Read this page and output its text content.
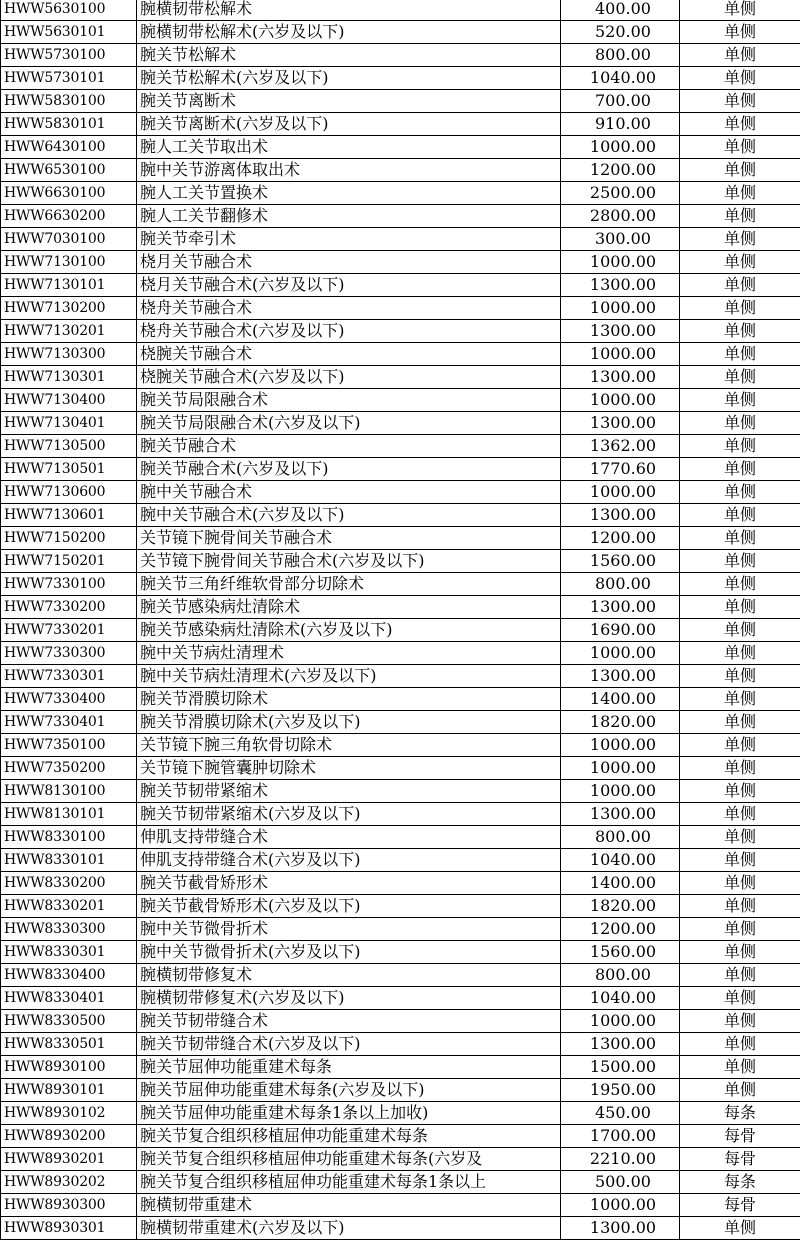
HWW5630100	腕横韧带松解术	400.00	单侧
HWW5630101	腕横韧带松解术(六岁及以下)	520.00	单侧
HWW5730100	腕关节松解术	800.00	单侧
HWW5730101	腕关节松解术(六岁及以下)	1040.00	单侧
HWW5830100	腕关节离断术	700.00	单侧
HWW5830101	腕关节离断术(六岁及以下)	910.00	单侧
HWW6430100	腕人工关节取出术	1000.00	单侧
HWW6530100	腕中关节游离体取出术	1200.00	单侧
HWW6630100	腕人工关节置换术	2500.00	单侧
HWW6630200	腕人工关节翻修术	2800.00	单侧
HWW7030100	腕关节牵引术	300.00	单侧
HWW7130100	桡月关节融合术	1000.00	单侧
HWW7130101	桡月关节融合术(六岁及以下)	1300.00	单侧
HWW7130200	桡舟关节融合术	1000.00	单侧
HWW7130201	桡舟关节融合术(六岁及以下)	1300.00	单侧
HWW7130300	桡腕关节融合术	1000.00	单侧
HWW7130301	桡腕关节融合术(六岁及以下)	1300.00	单侧
HWW7130400	腕关节局限融合术	1000.00	单侧
HWW7130401	腕关节局限融合术(六岁及以下)	1300.00	单侧
HWW7130500	腕关节融合术	1362.00	单侧
HWW7130501	腕关节融合术(六岁及以下)	1770.60	单侧
HWW7130600	腕中关节融合术	1000.00	单侧
HWW7130601	腕中关节融合术(六岁及以下)	1300.00	单侧
HWW7150200	关节镜下腕骨间关节融合术	1200.00	单侧
HWW7150201	关节镜下腕骨间关节融合术(六岁及以下)	1560.00	单侧
HWW7330100	腕关节三角纤维软骨部分切除术	800.00	单侧
HWW7330200	腕关节感染病灶清除术	1300.00	单侧
HWW7330201	腕关节感染病灶清除术(六岁及以下)	1690.00	单侧
HWW7330300	腕中关节病灶清理术	1000.00	单侧
HWW7330301	腕中关节病灶清理术(六岁及以下)	1300.00	单侧
HWW7330400	腕关节滑膜切除术	1400.00	单侧
HWW7330401	腕关节滑膜切除术(六岁及以下)	1820.00	单侧
HWW7350100	关节镜下腕三角软骨切除术	1000.00	单侧
HWW7350200	关节镜下腕管囊肿切除术	1000.00	单侧
HWW8130100	腕关节韧带紧缩术	1000.00	单侧
HWW8130101	腕关节韧带紧缩术(六岁及以下)	1300.00	单侧
HWW8330100	伸肌支持带缝合术	800.00	单侧
HWW8330101	伸肌支持带缝合术(六岁及以下)	1040.00	单侧
HWW8330200	腕关节截骨矫形术	1400.00	单侧
HWW8330201	腕关节截骨矫形术(六岁及以下)	1820.00	单侧
HWW8330300	腕中关节微骨折术	1200.00	单侧
HWW8330301	腕中关节微骨折术(六岁及以下)	1560.00	单侧
HWW8330400	腕横韧带修复术	800.00	单侧
HWW8330401	腕横韧带修复术(六岁及以下)	1040.00	单侧
HWW8330500	腕关节韧带缝合术	1000.00	单侧
HWW8330501	腕关节韧带缝合术(六岁及以下)	1300.00	单侧
HWW8930100	腕关节屈伸功能重建术每条	1500.00	单侧
HWW8930101	腕关节屈伸功能重建术每条(六岁及以下)	1950.00	单侧
HWW8930102	腕关节屈伸功能重建术每条1条以上加收)	450.00	每条
HWW8930200	腕关节复合组织移植屈伸功能重建术每条	1700.00	每骨
HWW8930201	腕关节复合组织移植屈伸功能重建术每条(六岁及	2210.00	每骨
HWW8930202	腕关节复合组织移植屈伸功能重建术每条1条以上	500.00	每条
HWW8930300	腕横韧带重建术	1000.00	每骨
HWW8930301	腕横韧带重建术(六岁及以下)	1300.00	单侧
